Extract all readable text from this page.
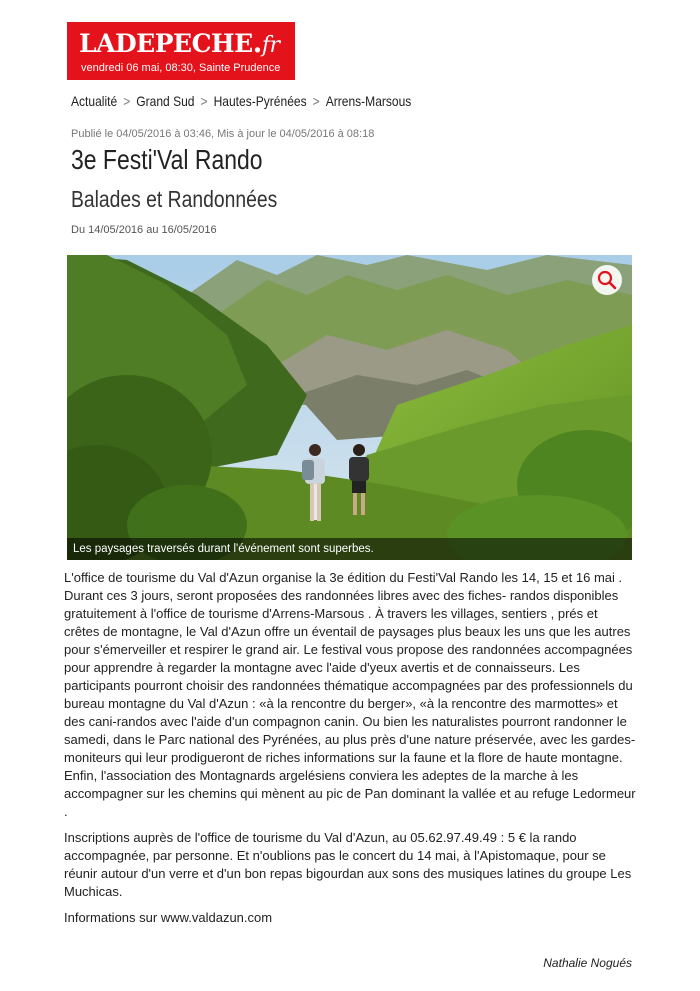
LADEPECHE.fr
vendredi 06 mai, 08:30, Sainte Prudence
Actualité > Grand Sud > Hautes-Pyrénées > Arrens-Marsous
Publié le 04/05/2016 à 03:46, Mis à jour le 04/05/2016 à 08:18
3e Festi'Val Rando
Balades et Randonnées
Du 14/05/2016 au 16/05/2016
Les paysages traversés durant l'événement sont superbes.

L'office de tourisme du Val d'Azun organise la 3e édition du Festi'Val Rando les 14, 15 et 16 mai . Durant ces 3 jours, seront proposées des randonnées libres avec des fiches- randos disponibles gratuitement à l'office de tourisme d'Arrens-Marsous . À travers les villages, sentiers , prés et crêtes de montagne, le Val d'Azun offre un éventail de paysages plus beaux les uns que les autres pour s'émerveiller et respirer le grand air. Le festival vous propose des randonnées accompagnées pour apprendre à regarder la montagne avec l'aide d'yeux avertis et de connaisseurs. Les participants pourront choisir des randonnées thématique accompagnées par des professionnels du bureau montagne du Val d'Azun : «à la rencontre du berger», «à la rencontre des marmottes» et des cani-randos avec l'aide d'un compagnon canin. Ou bien les naturalistes pourront randonner le samedi, dans le Parc national des Pyrénées, au plus près d'une nature préservée, avec les gardes-moniteurs qui leur prodigueront de riches informations sur la faune et la flore de haute montagne. Enfin, l'association des Montagnards argelésiens conviera les adeptes de la marche à les accompagner sur les chemins qui mènent au pic de Pan dominant la vallée et au refuge Ledormeur .

Inscriptions auprès de l'office de tourisme du Val d'Azun, au 05.62.97.49.49 : 5 € la rando accompagnée, par personne. Et n'oublions pas le concert du 14 mai, à l'Apistomaque, pour se réunir autour d'un verre et d'un bon repas bigourdan aux sons des musiques latines du groupe Les Muchicas.

Informations sur www.valdazun.com

Nathalie Nogués
